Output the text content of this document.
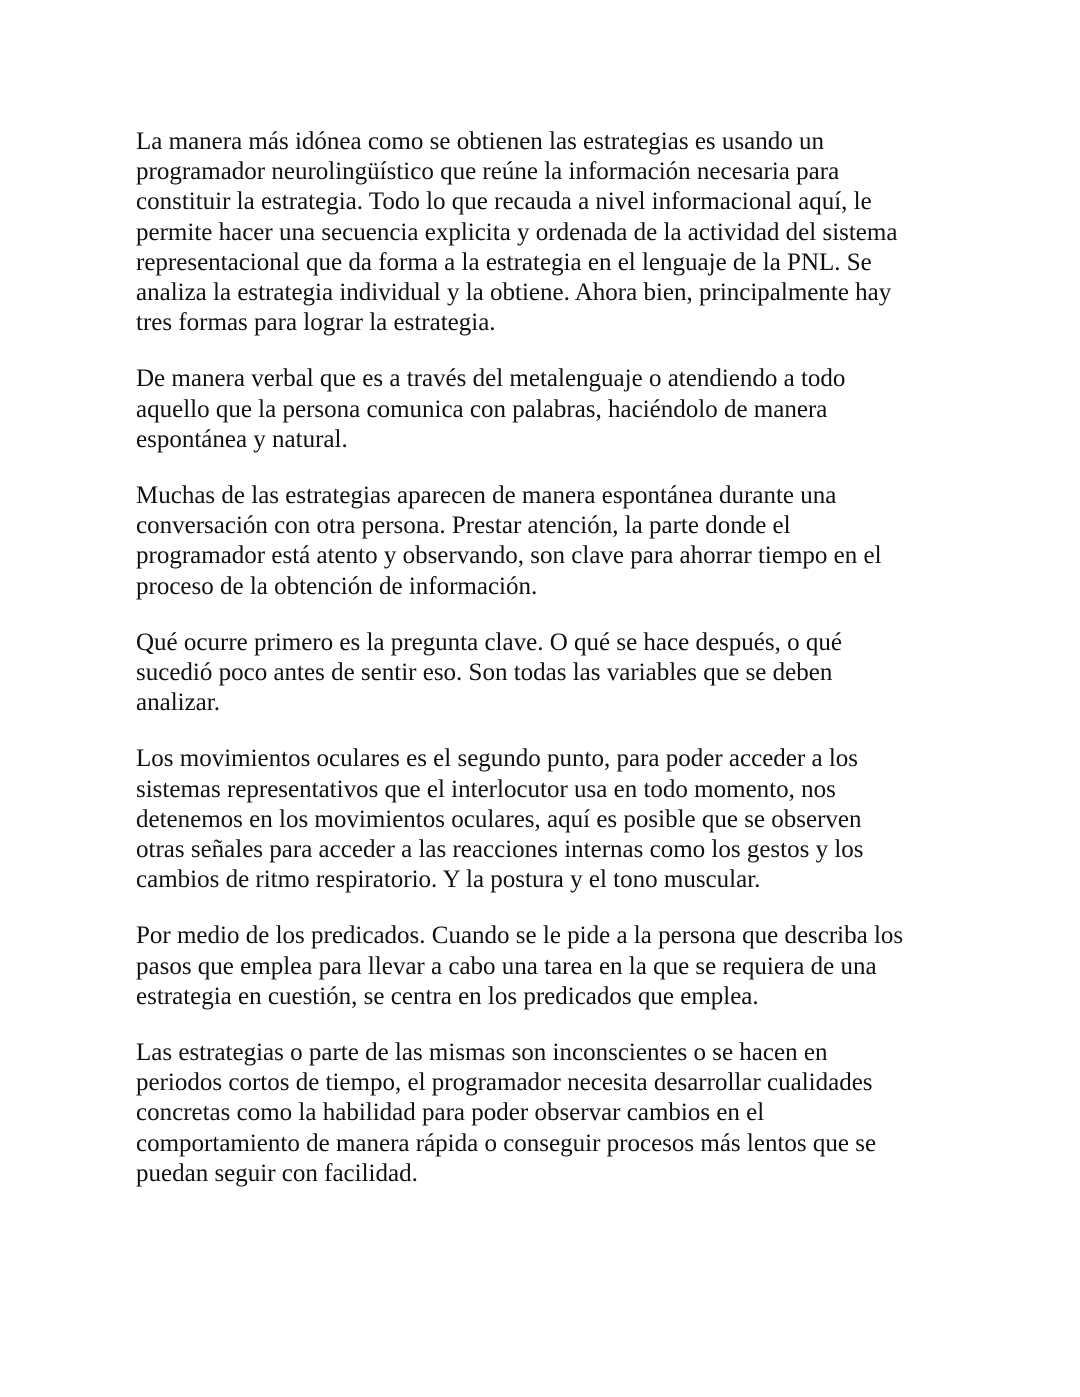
La manera más idónea como se obtienen las estrategias es usando un
programador neurolingüístico que reúne la información necesaria para
constituir la estrategia. Todo lo que recauda a nivel informacional aquí, le
permite hacer una secuencia explicita y ordenada de la actividad del sistema
representacional que da forma a la estrategia en el lenguaje de la PNL. Se
analiza la estrategia individual y la obtiene. Ahora bien, principalmente hay
tres formas para lograr la estrategia.

De manera verbal que es a través del metalenguaje o atendiendo a todo
aquello que la persona comunica con palabras, haciéndolo de manera
espontánea y natural.

Muchas de las estrategias aparecen de manera espontánea durante una
conversación con otra persona. Prestar atención, la parte donde el
programador está atento y observando, son clave para ahorrar tiempo en el
proceso de la obtención de información.

Qué ocurre primero es la pregunta clave. O qué se hace después, o qué
sucedió poco antes de sentir eso. Son todas las variables que se deben
analizar.

Los movimientos oculares es el segundo punto, para poder acceder a los
sistemas representativos que el interlocutor usa en todo momento, nos
detenemos en los movimientos oculares, aquí es posible que se observen
otras señales para acceder a las reacciones internas como los gestos y los
cambios de ritmo respiratorio. Y la postura y el tono muscular.

Por medio de los predicados. Cuando se le pide a la persona que describa los
pasos que emplea para llevar a cabo una tarea en la que se requiera de una
estrategia en cuestión, se centra en los predicados que emplea.

Las estrategias o parte de las mismas son inconscientes o se hacen en
periodos cortos de tiempo, el programador necesita desarrollar cualidades
concretas como la habilidad para poder observar cambios en el
comportamiento de manera rápida o conseguir procesos más lentos que se
puedan seguir con facilidad.
